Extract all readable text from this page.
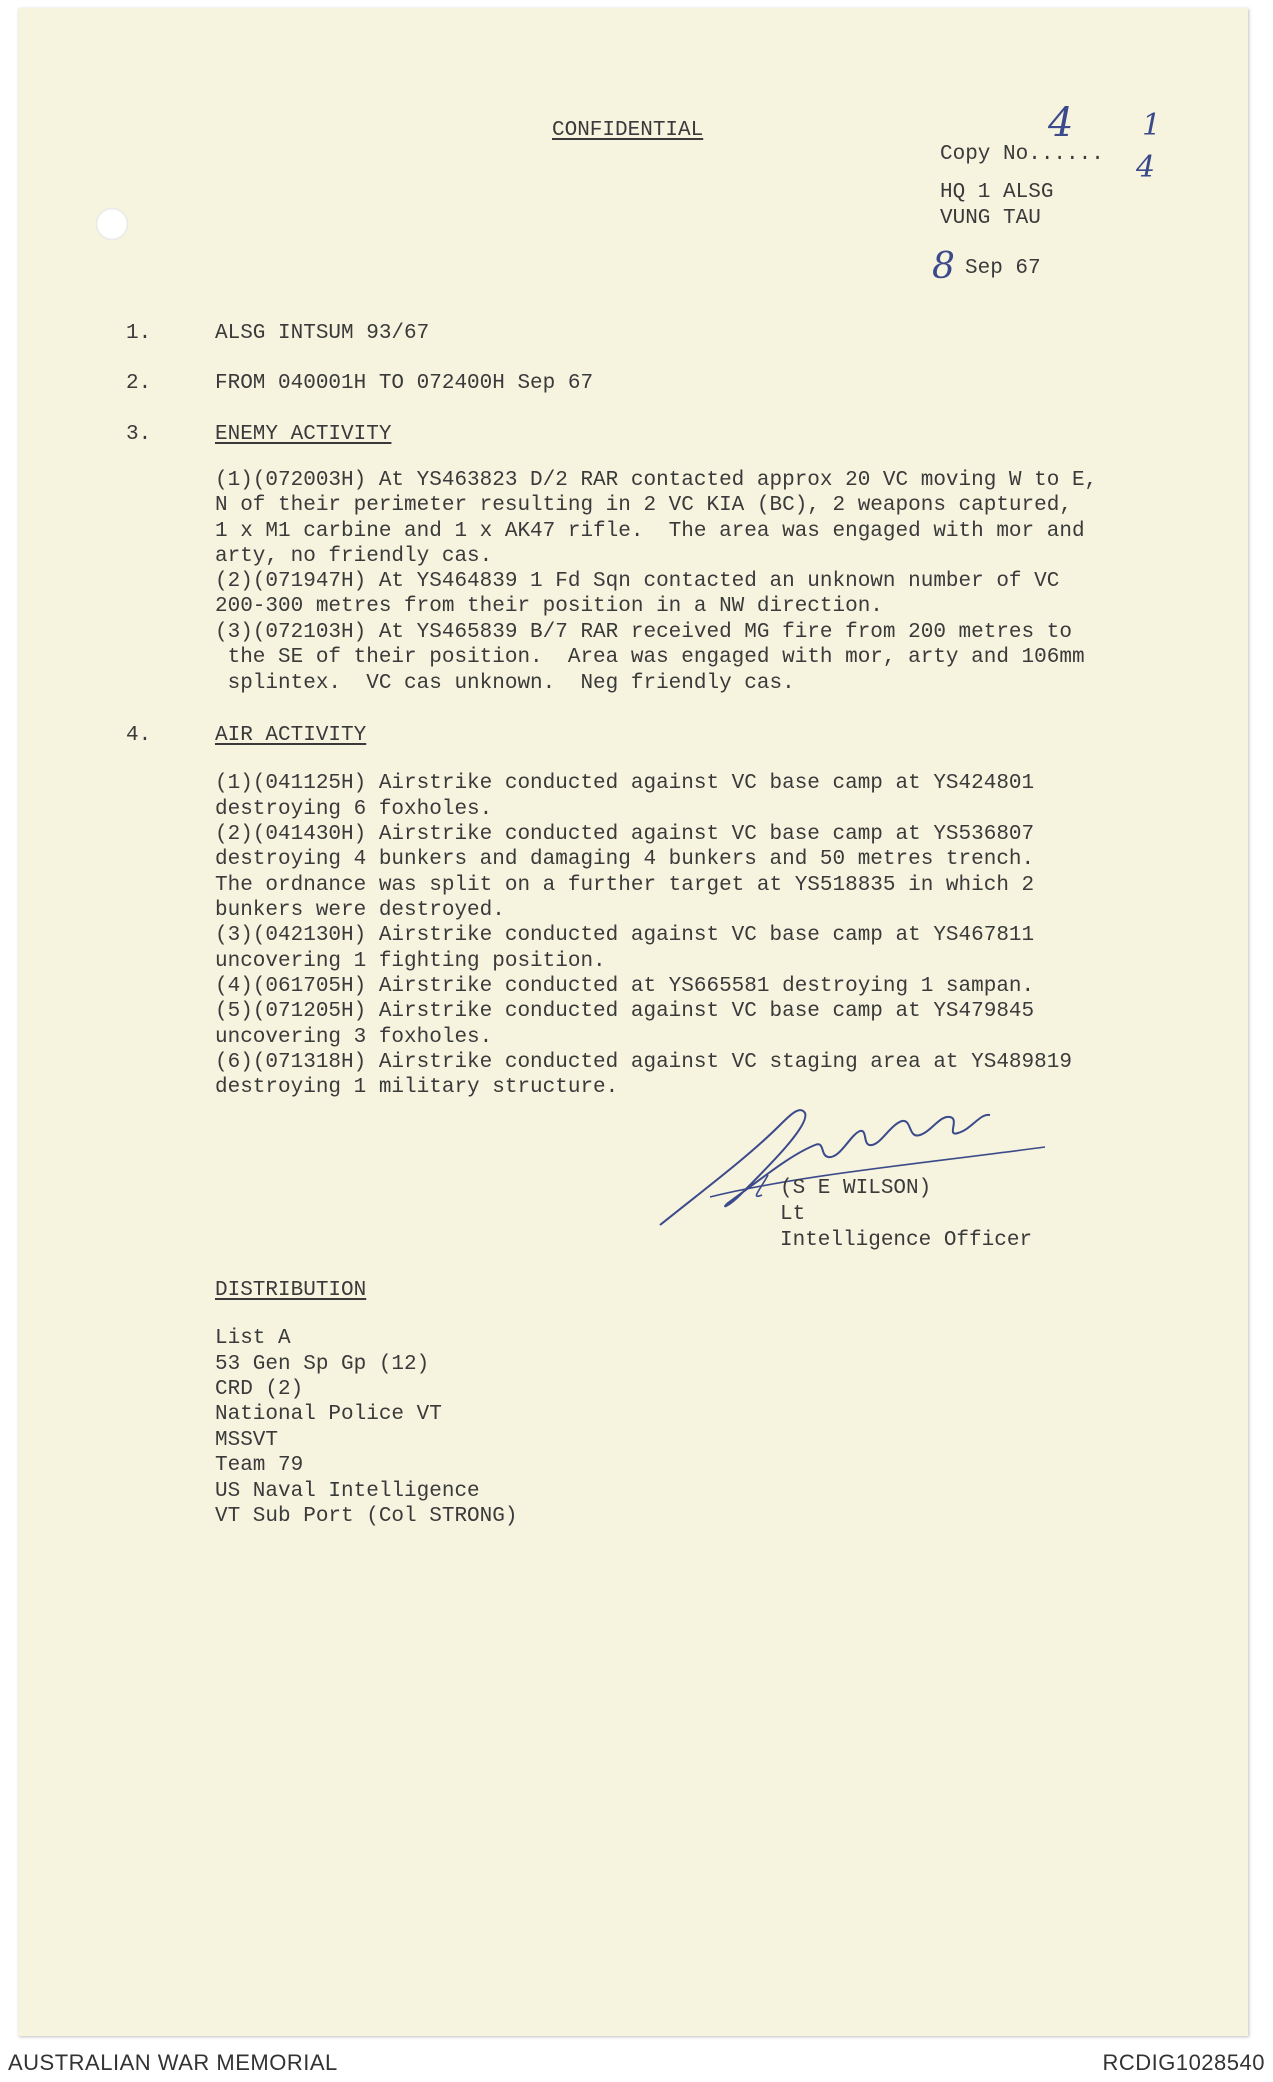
CONFIDENTIAL
Copy No......
4 1
4
HQ 1 ALSG
VUNG TAU
8 Sep 67
1.	ALSG INTSUM 93/67
2.	FROM 040001H TO 072400H Sep 67
3.	ENEMY ACTIVITY
(1)(072003H) At YS463823 D/2 RAR contacted approx 20 VC moving W to E,
N of their perimeter resulting in 2 VC KIA (BC), 2 weapons captured,
1 x M1 carbine and 1 x AK47 rifle.  The area was engaged with mor and
arty, no friendly cas.
(2)(071947H) At YS464839 1 Fd Sqn contacted an unknown number of VC
200-300 metres from their position in a NW direction.
(3)(072103H) At YS465839 B/7 RAR received MG fire from 200 metres to
the SE of their position.  Area was engaged with mor, arty and 106mm
splintex.  VC cas unknown.  Neg friendly cas.
4.	AIR ACTIVITY
(1)(041125H) Airstrike conducted against VC base camp at YS424801
destroying 6 foxholes.
(2)(041430H) Airstrike conducted against VC base camp at YS536807
destroying 4 bunkers and damaging 4 bunkers and 50 metres trench.
The ordnance was split on a further target at YS518835 in which 2
bunkers were destroyed.
(3)(042130H) Airstrike conducted against VC base camp at YS467811
uncovering 1 fighting position.
(4)(061705H) Airstrike conducted at YS665581 destroying 1 sampan.
(5)(071205H) Airstrike conducted against VC base camp at YS479845
uncovering 3 foxholes.
(6)(071318H) Airstrike conducted against VC staging area at YS489819
destroying 1 military structure.
(S E WILSON)
Lt
Intelligence Officer
DISTRIBUTION
List A
53 Gen Sp Gp (12)
CRD (2)
National Police VT
MSSVT
Team 79
US Naval Intelligence
VT Sub Port (Col STRONG)
AUSTRALIAN WAR MEMORIAL	RCDIG1028540
